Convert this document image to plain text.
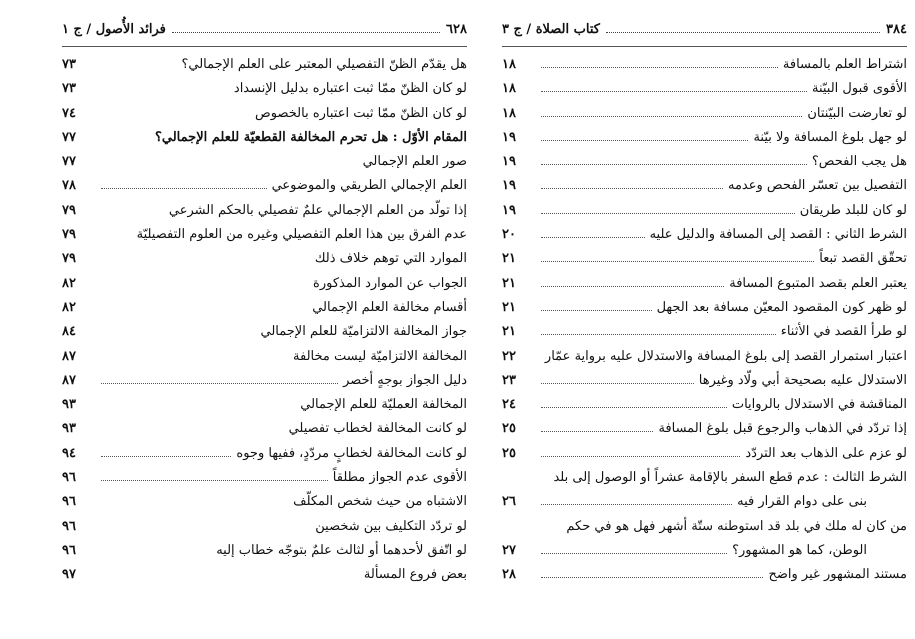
٦٢٨
فرائد الأُصول / ج ١
هل يقدّم الظنّ التفصيلي المعتبر على العلم الإجمالي؟
٧٣
لو كان الظنّ ممّا ثبت اعتباره بدليل الإنسداد
٧٣
لو كان الظنّ ممّا ثبت اعتباره بالخصوص
٧٤
المقام الأوّل : هل تحرم المخالفة القطعيّة للعلم الإجمالي؟
٧٧
صور العلم الإجمالي
٧٧
العلم الإجمالي الطريقي والموضوعي
٧٨
إذا تولّد من العلم الإجمالي علمٌ تفصيلي بالحكم الشرعي
٧٩
عدم الفرق بين هذا العلم التفصيلي وغيره من العلوم التفصيليّة
٧٩
الموارد التي توهم خلاف ذلك
٧٩
الجواب عن الموارد المذكورة
٨٢
أقسام مخالفة العلم الإجمالي
٨٢
جواز المخالفة الالتزاميّة للعلم الإجمالي
٨٤
المخالفة الالتزاميّة ليست مخالفة
٨٧
دليل الجواز بوجهٍ أخصر
٨٧
المخالفة العمليّة للعلم الإجمالي
٩٣
لو كانت المخالفة لخطاب تفصيلي
٩٣
لو كانت المخالفة لخطابٍ مردّدٍ، ففيها وجوه
٩٤
الأقوى عدم الجواز مطلقاً
٩٦
الاشتباه من حيث شخص المكلّف
٩٦
لو تردّد التكليف بين شخصين
٩٦
لو اتّفق لأحدهما أو لثالث علمٌ بتوجّه خطاب إليه
٩٦
بعض فروع المسألة
٩٧
٣٨٤
كتاب الصلاة / ج ٣
اشتراط العلم بالمسافة
١٨
الأقوى قبول البيّنة
١٨
لو تعارضت البيّنتان
١٨
لو جهل بلوغ المسافة ولا بيّنة
١٩
هل يجب الفحص؟
١٩
التفصيل بين تعسّر الفحص وعدمه
١٩
لو كان للبلد طريقان
١٩
الشرط الثاني : القصد إلى المسافة والدليل عليه
٢٠
تحقّق القصد تبعاً
٢١
يعتبر العلم بقصد المتبوع المسافة
٢١
لو ظهر كون المقصود المعيّن مسافة بعد الجهل
٢١
لو طرأ القصد في الأثناء
٢١
اعتبار استمرار القصد إلى بلوغ المسافة والاستدلال عليه برواية عمّار
٢٢
الاستدلال عليه بصحيحة أبي ولّاد وغيرها
٢٣
المناقشة في الاستدلال بالروايات
٢٤
إذا تردّد في الذهاب والرجوع قبل بلوغ المسافة
٢٥
لو عزم على الذهاب بعد التردّد
٢٥
الشرط الثالث : عدم قطع السفر بالإقامة عشراً أو الوصول إلى بلد
بنى على دوام القرار فيه
٢٦
من كان له ملك في بلد قد استوطنه ستّة أشهر فهل هو في حكم
الوطن، كما هو المشهور؟
٢٧
مستند المشهور غير واضح
٢٨
